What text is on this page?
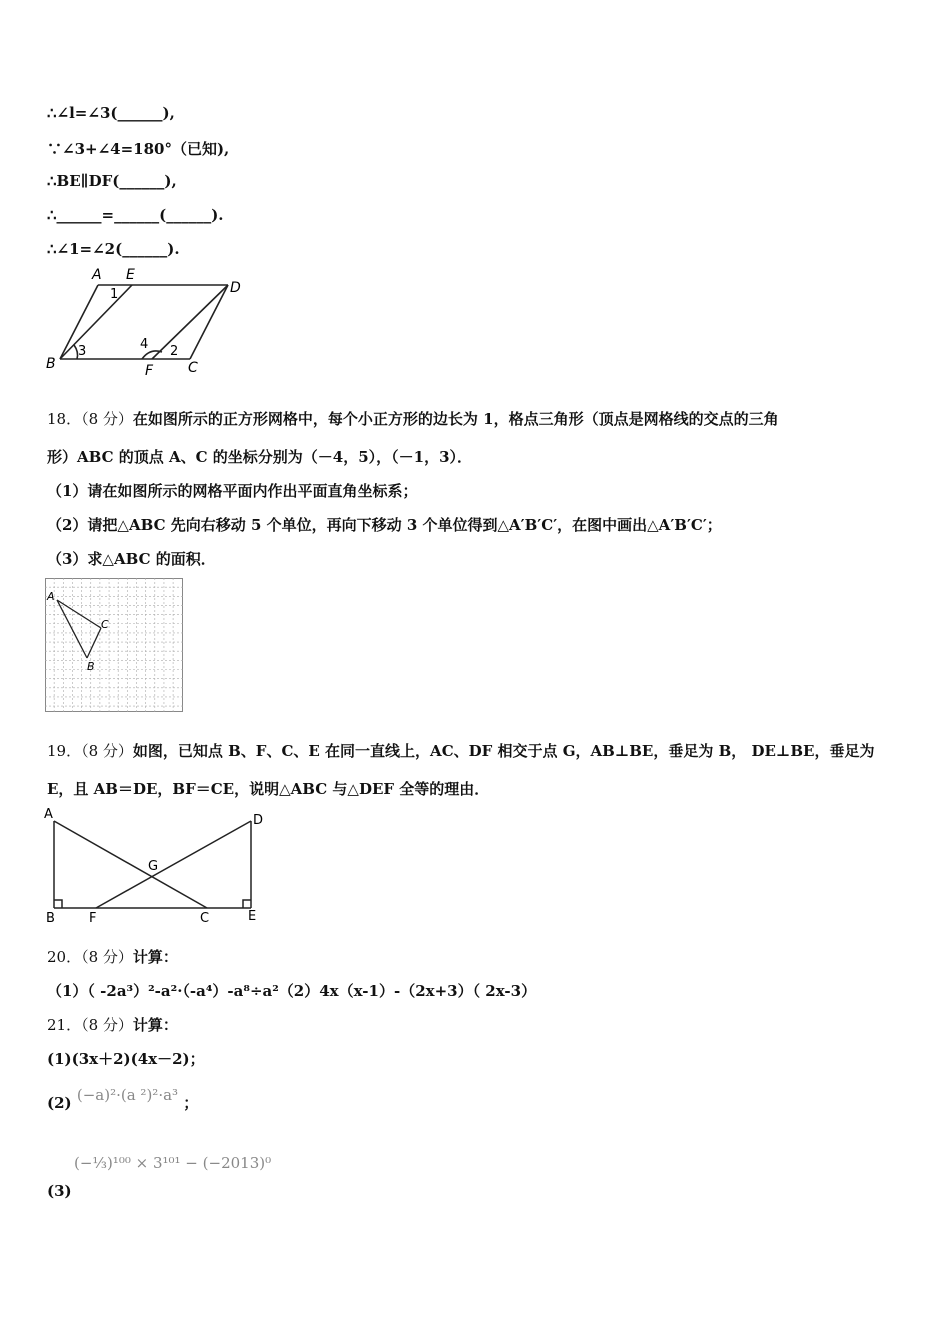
∴∠l=∠3(______),
∵∠3+∠4=180°（已知),
∴BE∥DF(______),
∴______=______(______).
∴∠1=∠2(______).
A E
D
B	F C
1
2
3	4
18．（8 分）在如图所示的正方形网格中，每个小正方形的边长为 1，格点三角形（顶点是网格线的交点的三角
形）ABC 的顶点 A、C 的坐标分别为（－4，5），（－1，3）．
（1）请在如图所示的网格平面内作出平面直角坐标系；
（2）请把△ABC 先向右移动 5 个单位，再向下移动 3 个单位得到△A′B′C′，在图中画出△A′B′C′；
（3）求△ABC 的面积．
A
C
B
19．（8 分）如图，已知点 B、F、C、E 在同一直线上，AC、DF 相交于点 G，AB⊥BE，垂足为 B， DE⊥BE，垂足为
E，且 AB＝DE，BF＝CE，说明△ABC 与△DEF 全等的理由．
A	D
G
B	F	C	E
20．（8 分）计算：
（1）（ -2a³）²-a²·（-a⁴）-a⁸÷a²（2）4x（x-1）-（2x+3）（ 2x-3）
21．（8 分）计算：
(1)(3x＋2)(4x－2)；
(2) (−a)²·(a ²)²·a³ ；
(−⅓)¹⁰⁰ × 3¹⁰¹ − (−2013)⁰
(3)
